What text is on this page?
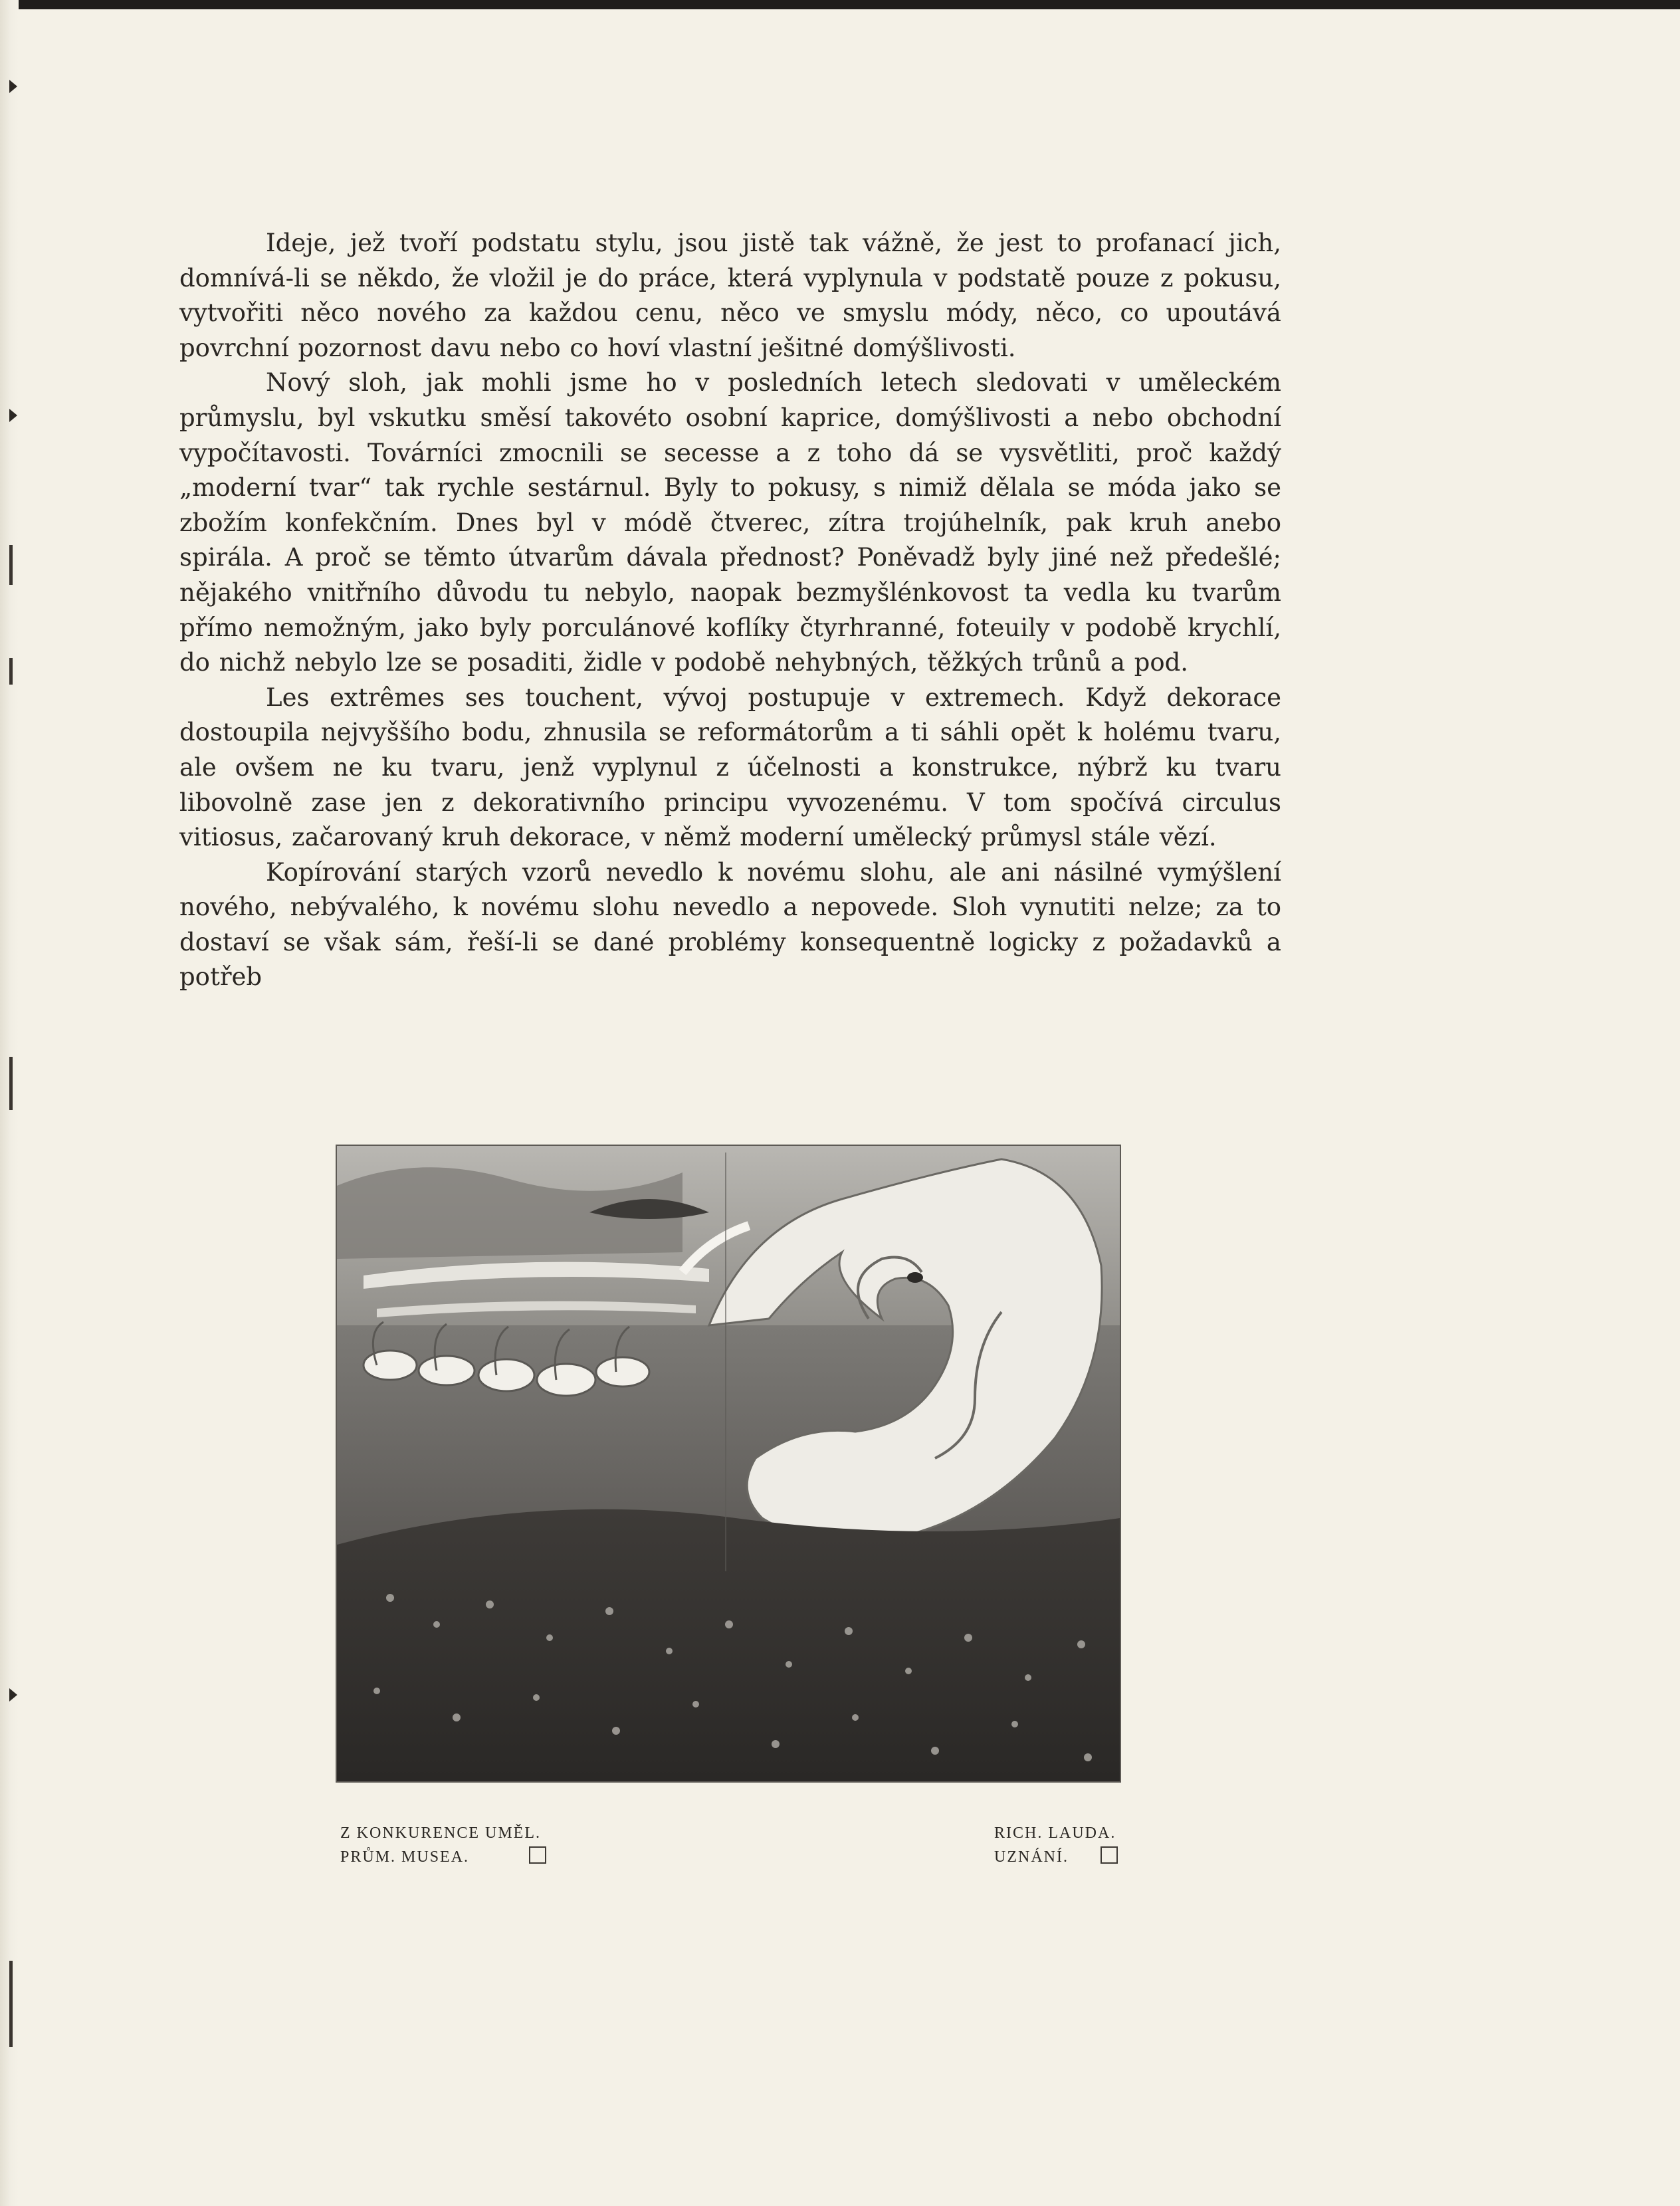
Ideje, jež tvoří podstatu stylu, jsou jistě tak vážně, že jest to profanací jich, domnívá-li se někdo, že vložil je do práce, která vyplynula v podstatě pouze z pokusu, vytvořiti něco nového za každou cenu, něco ve smyslu módy, něco, co upoutává povrchní pozornost davu nebo co hoví vlastní ješitné domýšlivosti.

Nový sloh, jak mohli jsme ho v posledních letech sledovati v uměleckém průmyslu, byl vskutku směsí takovéto osobní kaprice, domýšlivosti a nebo obchodní vypočítavosti. Továrníci zmocnili se secesse a z toho dá se vysvětliti, proč každý „moderní tvar“ tak rychle sestárnul. Byly to pokusy, s nimiž dělala se móda jako se zbožím konfekčním. Dnes byl v módě čtverec, zítra trojúhelník, pak kruh anebo spirála. A proč se těmto útvarům dávala přednost? Poněvadž byly jiné než předešlé; nějakého vnitřního důvodu tu nebylo, naopak bezmyšlénkovost ta vedla ku tvarům přímo nemožným, jako byly porculánové koflíky čtyrhranné, foteuily v podobě krychlí, do nichž nebylo lze se posaditi, židle v podobě nehybných, těžkých trůnů a pod.

Les extrêmes ses touchent, vývoj postupuje v extremech. Když dekorace dostoupila nejvyššího bodu, zhnusila se reformátorům a ti sáhli opět k holému tvaru, ale ovšem ne ku tvaru, jenž vyplynul z účelnosti a konstrukce, nýbrž ku tvaru libovolně zase jen z dekorativního principu vyvozenému. V tom spočívá circulus vitiosus, začarovaný kruh dekorace, v němž moderní umělecký průmysl stále vězí.

Kopírování starých vzorů nevedlo k novému slohu, ale ani násilné vymýšlení nového, nebývalého, k novému slohu nevedlo a nepovede. Sloh vynutiti nelze; za to dostaví se však sám, řeší-li se dané problémy konsequentně logicky z požadavků a potřeb

Z KONKURENCE UMĚL.
PRŮM. MUSEA.
RICH. LAUDA.
UZNÁNÍ.
